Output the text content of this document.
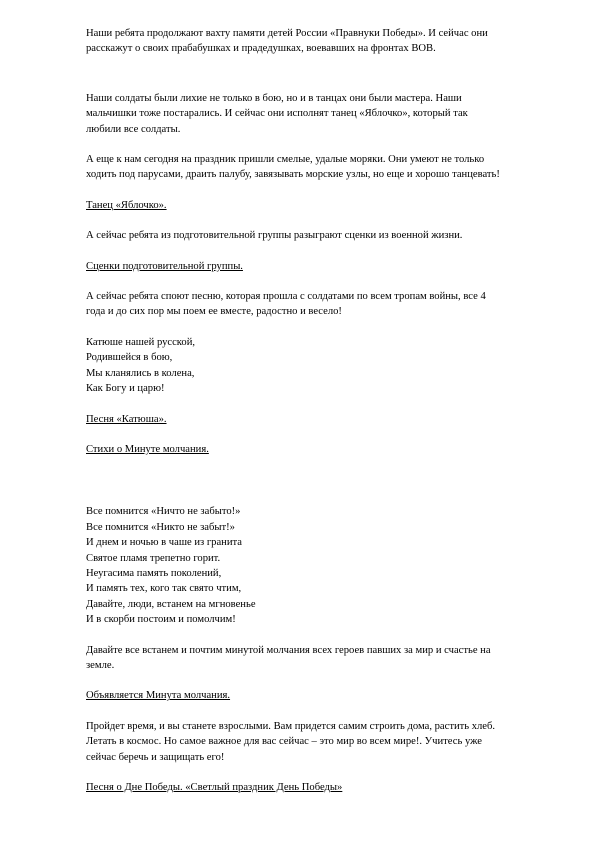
Наши ребята продолжают вахту памяти детей России «Правнуки Победы». И сейчас они
расскажут о своих прабабушках и прадедушках, воевавших на фронтах ВОВ.
Наши солдаты были лихие не только в бою, но и в танцах они были мастера. Наши
мальчишки тоже постарались. И сейчас они исполнят танец «Яблочко», который так
любили все солдаты.
А еще к нам сегодня на праздник пришли смелые, удалые моряки. Они умеют не только
ходить под парусами, драить палубу, завязывать морские узлы, но еще и хорошо танцевать!
Танец «Яблочко».
А сейчас ребята из подготовительной группы разыграют сценки из военной жизни.
Сценки подготовительной группы.
А сейчас ребята споют песню, которая прошла с солдатами по всем тропам войны, все 4
года и до сих пор мы поем ее вместе, радостно и весело!
Катюше нашей русской,
Родившейся в бою,
Мы кланялись в колена,
Как Богу и царю!
Песня «Катюша».
Стихи о Минуте молчания.
Все помнится «Ничто не забыто!»
Все помнится «Никто не забыт!»
И днем и ночью в чаше из гранита
Святое пламя трепетно горит.
Неугасима память поколений,
И память тех, кого так свято чтим,
Давайте, люди, встанем на мгновенье
И в скорби постоим и помолчим!
Давайте все встанем и почтим минутой молчания всех героев павших за мир и счастье на
земле.
Объявляется Минута молчания.
Пройдет время, и вы станете взрослыми. Вам придется самим строить дома, растить хлеб.
Летать в космос. Но самое важное для вас сейчас – это мир во всем мире!. Учитесь уже
сейчас беречь и защищать его!
Песня о Дне Победы. «Светлый праздник День Победы»
